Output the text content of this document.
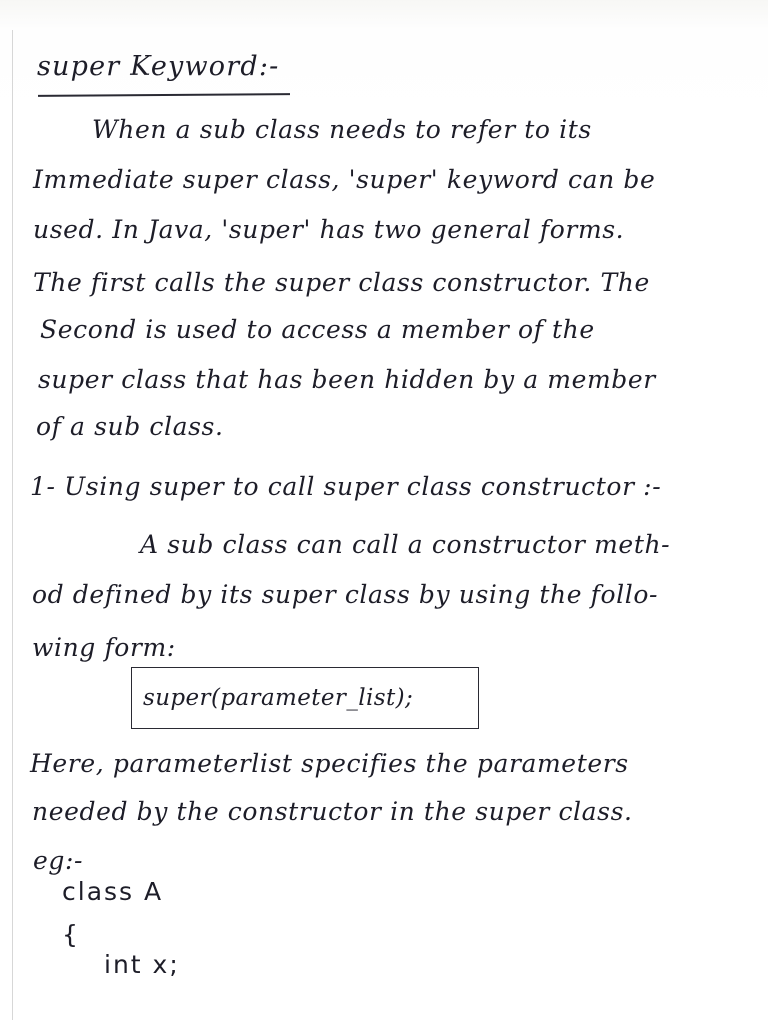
super Keyword:-
When a sub class needs to refer to its
Immediate super class, 'super' keyword can be
used. In Java, 'super' has two general forms.
The first calls the super class constructor. The
Second is used to access a member of the
super class that has been hidden by a member
of a sub class.
1- Using super to call super class constructor :-
A sub class can call a constructor meth-
od defined by its super class by using the follo-
wing form:
super(parameter_list);
Here, parameterlist specifies the parameters
needed by the constructor in the super class.
eg:-
class A
{
int x;
